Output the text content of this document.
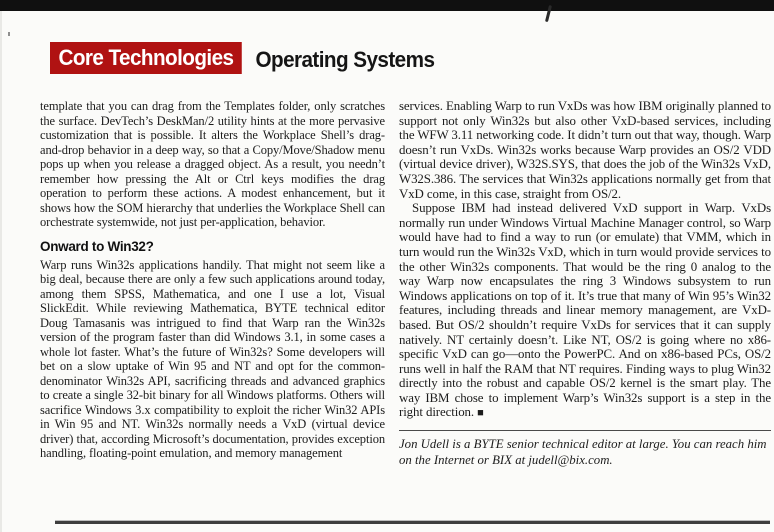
Core Technologies	Operating Systems

template that you can drag from the Templates folder, only scratches the surface. DevTech’s DeskMan/2 utility hints at the more pervasive customization that is possible. It alters the Workplace Shell’s drag-and-drop behavior in a deep way, so that a Copy/Move/Shadow menu pops up when you release a dragged object. As a result, you needn’t remember how pressing the Alt or Ctrl keys modifies the drag operation to perform these actions. A modest enhancement, but it shows how the SOM hierarchy that underlies the Workplace Shell can orchestrate systemwide, not just per-application, behavior.

Onward to Win32?

Warp runs Win32s applications handily. That might not seem like a big deal, because there are only a few such applications around today, among them SPSS, Mathematica, and one I use a lot, Visual SlickEdit. While reviewing Mathematica, BYTE technical editor Doug Tamasanis was intrigued to find that Warp ran the Win32s version of the program faster than did Windows 3.1, in some cases a whole lot faster. What’s the future of Win32s? Some developers will bet on a slow uptake of Win 95 and NT and opt for the common-denominator Win32s API, sacrificing threads and advanced graphics to create a single 32-bit binary for all Windows platforms. Others will sacrifice Windows 3.x compatibility to exploit the richer Win32 APIs in Win 95 and NT. Win32s normally needs a VxD (virtual device driver) that, according Microsoft’s documentation, provides exception handling, floating-point emulation, and memory management

services. Enabling Warp to run VxDs was how IBM originally planned to support not only Win32s but also other VxD-based services, including the WFW 3.11 networking code. It didn’t turn out that way, though. Warp doesn’t run VxDs. Win32s works because Warp provides an OS/2 VDD (virtual device driver), W32S.SYS, that does the job of the Win32s VxD, W32S.386. The services that Win32s applications normally get from that VxD come, in this case, straight from OS/2.

Suppose IBM had instead delivered VxD support in Warp. VxDs normally run under Windows Virtual Machine Manager control, so Warp would have had to find a way to run (or emulate) that VMM, which in turn would run the Win32s VxD, which in turn would provide services to the other Win32s components. That would be the ring 0 analog to the way Warp now encapsulates the ring 3 Windows subsystem to run Windows applications on top of it. It’s true that many of Win 95’s Win32 features, including threads and linear memory management, are VxD-based. But OS/2 shouldn’t require VxDs for services that it can supply natively. NT certainly doesn’t. Like NT, OS/2 is going where no x86-specific VxD can go—onto the PowerPC. And on x86-based PCs, OS/2 runs well in half the RAM that NT requires. Finding ways to plug Win32 directly into the robust and capable OS/2 kernel is the smart play. The way IBM chose to implement Warp’s Win32s support is a step in the right direction. ■

Jon Udell is a BYTE senior technical editor at large. You can reach him on the Internet or BIX at judell@bix.com.
